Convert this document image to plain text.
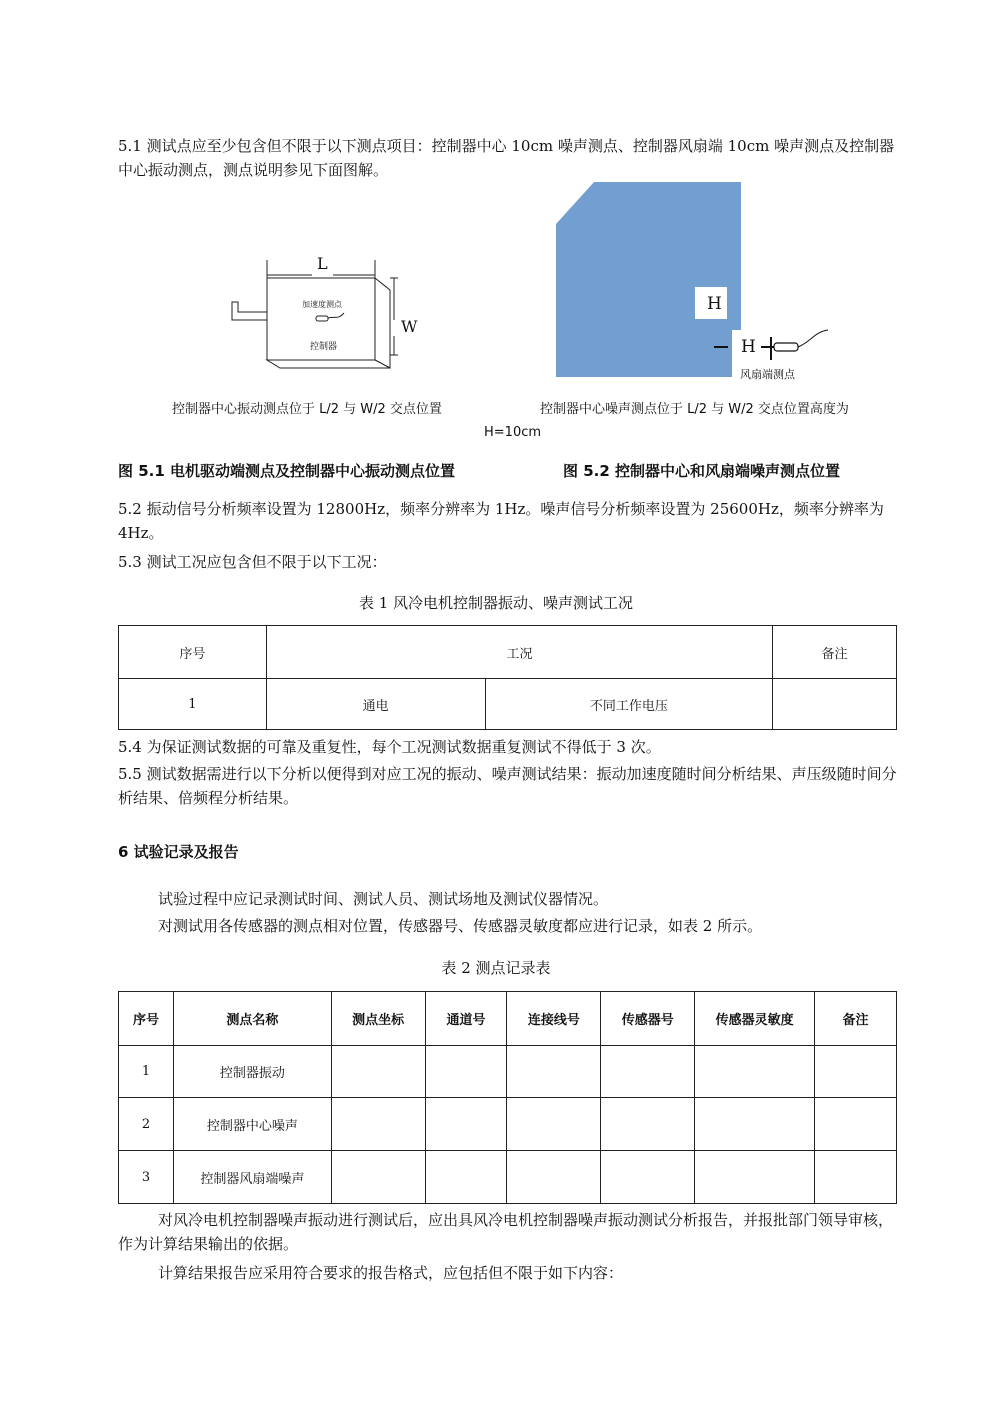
5.1 测试点应至少包含但不限于以下测点项目：控制器中心 10cm 噪声测点、控制器风扇端 10cm 噪声测点及控制器中心振动测点，测点说明参见下面图解。
L
W
加速度测点
控制器
H
H
风扇端测点
控制器中心振动测点位于 L/2 与 W/2 交点位置	控制器中心噪声测点位于 L/2 与 W/2 交点位置高度为
H=10cm
图 5.1 电机驱动端测点及控制器中心振动测点位置	图 5.2 控制器中心和风扇端噪声测点位置
5.2 振动信号分析频率设置为 12800Hz，频率分辨率为 1Hz。噪声信号分析频率设置为 25600Hz，频率分辨率为 4Hz。
5.3 测试工况应包含但不限于以下工况：
表 1 风冷电机控制器振动、噪声测试工况
序号	工况		备注
1	通电	不同工作电压	
5.4 为保证测试数据的可靠及重复性，每个工况测试数据重复测试不得低于 3 次。
5.5 测试数据需进行以下分析以便得到对应工况的振动、噪声测试结果：振动加速度随时间分析结果、声压级随时间分析结果、倍频程分析结果。
6 试验记录及报告
试验过程中应记录测试时间、测试人员、测试场地及测试仪器情况。
对测试用各传感器的测点相对位置，传感器号、传感器灵敏度都应进行记录，如表 2 所示。
表 2 测点记录表
序号	测点名称	测点坐标	通道号	连接线号	传感器号	传感器灵敏度	备注
1	控制器振动						
2	控制器中心噪声						
3	控制器风扇端噪声						
对风冷电机控制器噪声振动进行测试后，应出具风冷电机控制器噪声振动测试分析报告，并报批部门领导审核，作为计算结果输出的依据。
计算结果报告应采用符合要求的报告格式，应包括但不限于如下内容：
